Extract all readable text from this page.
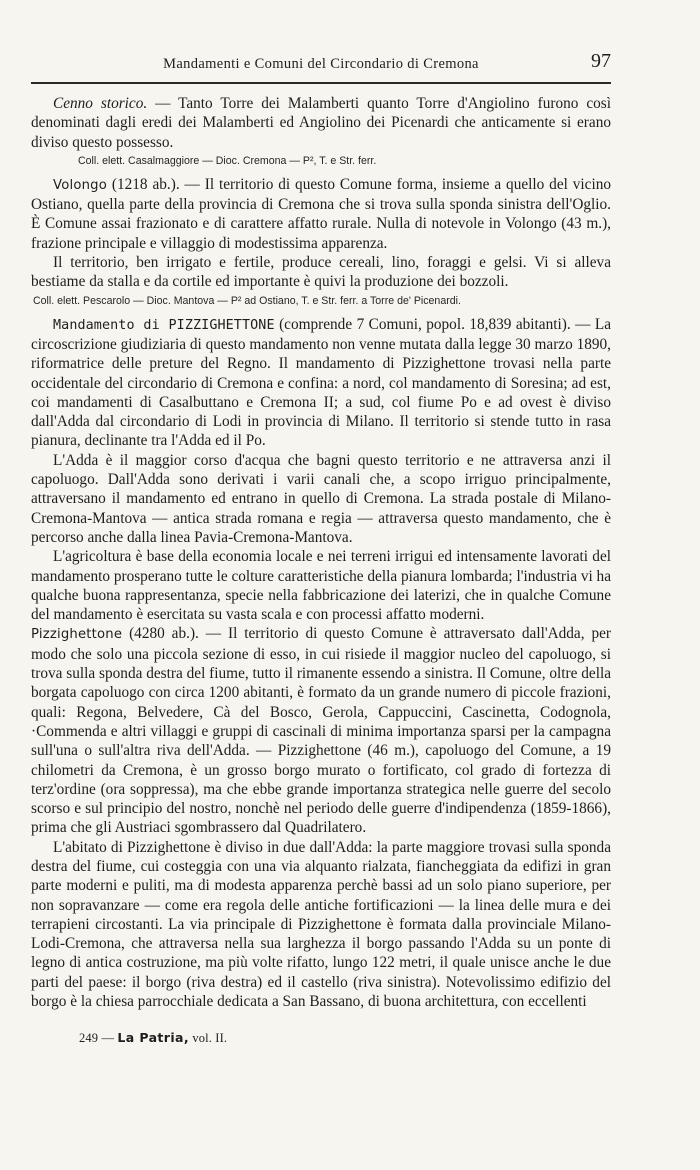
Mandamenti e Comuni del Circondario di Cremona	97

Cenno storico. — Tanto Torre dei Malamberti quanto Torre d'Angiolino furono così denominati dagli eredi dei Malamberti ed Angiolino dei Picenardi che anticamente si erano diviso questo possesso.

Coll. elett. Casalmaggiore — Dioc. Cremona — P², T. e Str. ferr.

Volongo (1218 ab.). — Il territorio di questo Comune forma, insieme a quello del vicino Ostiano, quella parte della provincia di Cremona che si trova sulla sponda sinistra dell'Oglio. È Comune assai frazionato e di carattere affatto rurale. Nulla di notevole in Volongo (43 m.), frazione principale e villaggio di modestissima apparenza.

Il territorio, ben irrigato e fertile, produce cereali, lino, foraggi e gelsi. Vi si alleva bestiame da stalla e da cortile ed importante è quivi la produzione dei bozzoli.

Coll. elett. Pescarolo — Dioc. Mantova — P² ad Ostiano, T. e Str. ferr. a Torre de' Picenardi.

Mandamento di PIZZIGHETTONE (comprende 7 Comuni, popol. 18,839 abitanti). — La circoscrizione giudiziaria di questo mandamento non venne mutata dalla legge 30 marzo 1890, riformatrice delle preture del Regno. Il mandamento di Pizzighettone trovasi nella parte occidentale del circondario di Cremona e confina: a nord, col mandamento di Soresina; ad est, coi mandamenti di Casalbuttano e Cremona II; a sud, col fiume Po e ad ovest è diviso dall'Adda dal circondario di Lodi in provincia di Milano. Il territorio si stende tutto in rasa pianura, declinante tra l'Adda ed il Po.

L'Adda è il maggior corso d'acqua che bagni questo territorio e ne attraversa anzi il capoluogo. Dall'Adda sono derivati i varii canali che, a scopo irriguo principalmente, attraversano il mandamento ed entrano in quello di Cremona. La strada postale di Milano-Cremona-Mantova — antica strada romana e regia — attraversa questo mandamento, che è percorso anche dalla linea Pavia-Cremona-Mantova.

L'agricoltura è base della economia locale e nei terreni irrigui ed intensamente lavorati del mandamento prosperano tutte le colture caratteristiche della pianura lombarda; l'industria vi ha qualche buona rappresentanza, specie nella fabbricazione dei laterizi, che in qualche Comune del mandamento è esercitata su vasta scala e con processi affatto moderni.

Pizzighettone (4280 ab.). — Il territorio di questo Comune è attraversato dall'Adda, per modo che solo una piccola sezione di esso, in cui risiede il maggior nucleo del capoluogo, si trova sulla sponda destra del fiume, tutto il rimanente essendo a sinistra. Il Comune, oltre della borgata capoluogo con circa 1200 abitanti, è formato da un grande numero di piccole frazioni, quali: Regona, Belvedere, Cà del Bosco, Gerola, Cappuccini, Cascinetta, Codognola, ·Commenda e altri villaggi e gruppi di cascinali di minima importanza sparsi per la campagna sull'una o sull'altra riva dell'Adda. — Pizzighettone (46 m.), capoluogo del Comune, a 19 chilometri da Cremona, è un grosso borgo murato o fortificato, col grado di fortezza di terz'ordine (ora soppressa), ma che ebbe grande importanza strategica nelle guerre del secolo scorso e sul principio del nostro, nonchè nel periodo delle guerre d'indipendenza (1859-1866), prima che gli Austriaci sgombrassero dal Quadrilatero.

L'abitato di Pizzighettone è diviso in due dall'Adda: la parte maggiore trovasi sulla sponda destra del fiume, cui costeggia con una via alquanto rialzata, fiancheggiata da edifizi in gran parte moderni e puliti, ma di modesta apparenza perchè bassi ad un solo piano superiore, per non sopravanzare — come era regola delle antiche fortificazioni — la linea delle mura e dei terrapieni circostanti. La via principale di Pizzighettone è formata dalla provinciale Milano-Lodi-Cremona, che attraversa nella sua larghezza il borgo passando l'Adda su un ponte di legno di antica costruzione, ma più volte rifatto, lungo 122 metri, il quale unisce anche le due parti del paese: il borgo (riva destra) ed il castello (riva sinistra). Notevolissimo edifizio del borgo è la chiesa parrocchiale dedicata a San Bassano, di buona architettura, con eccellenti

249 — La Patria, vol. II.
